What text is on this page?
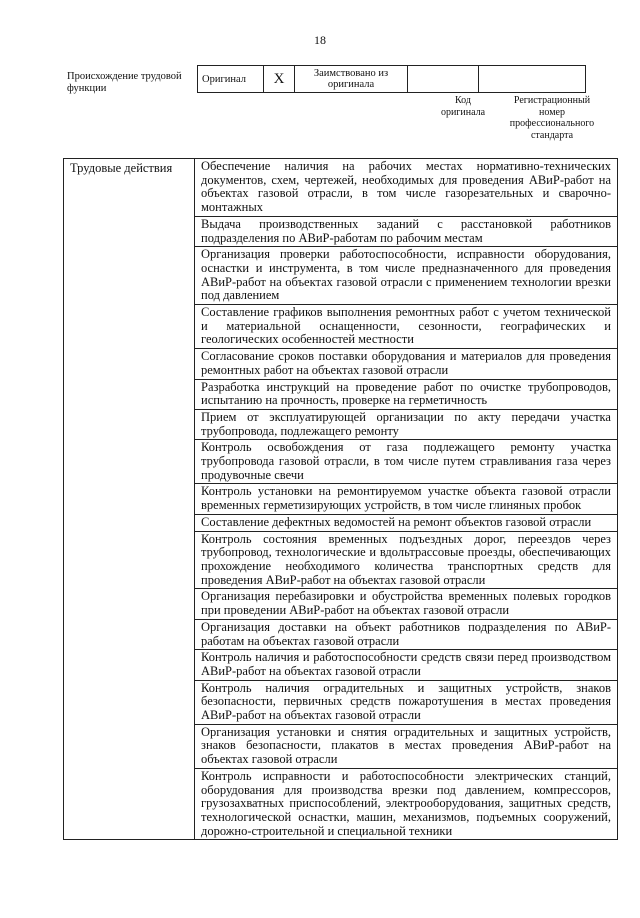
18
Происхождение трудовой функции
Оригинал	X	Заимствовано из оригинала		
Код оригинала
Регистрационный номер профессионального стандарта
Трудовые действия	Обеспечение наличия на рабочих местах нормативно-технических документов, схем, чертежей, необходимых для проведения АВиР-работ на объектах газовой отрасли, в том числе газорезательных и сварочно-монтажных
Выдача производственных заданий с расстановкой работников подразделения по АВиР-работам по рабочим местам
Организация проверки работоспособности, исправности оборудования, оснастки и инструмента, в том числе предназначенного для проведения АВиР-работ на объектах газовой отрасли с применением технологии врезки под давлением
Составление графиков выполнения ремонтных работ с учетом технической и материальной оснащенности, сезонности, географических и геологических особенностей местности
Согласование сроков поставки оборудования и материалов для проведения ремонтных работ на объектах газовой отрасли
Разработка инструкций на проведение работ по очистке трубопроводов, испытанию на прочность, проверке на герметичность
Прием от эксплуатирующей организации по акту передачи участка трубопровода, подлежащего ремонту
Контроль освобождения от газа подлежащего ремонту участка трубопровода газовой отрасли, в том числе путем стравливания газа через продувочные свечи
Контроль установки на ремонтируемом участке объекта газовой отрасли временных герметизирующих устройств, в том числе глиняных пробок
Составление дефектных ведомостей на ремонт объектов газовой отрасли
Контроль состояния временных подъездных дорог, переездов через трубопровод, технологические и вдольтрассовые проезды, обеспечивающих прохождение необходимого количества транспортных средств для проведения АВиР-работ на объектах газовой отрасли
Организация перебазировки и обустройства временных полевых городков при проведении АВиР-работ на объектах газовой отрасли
Организация доставки на объект работников подразделения по АВиР-работам на объектах газовой отрасли
Контроль наличия и работоспособности средств связи перед производством АВиР-работ на объектах газовой отрасли
Контроль наличия оградительных и защитных устройств, знаков безопасности, первичных средств пожаротушения в местах проведения АВиР-работ на объектах газовой отрасли
Организация установки и снятия оградительных и защитных устройств, знаков безопасности, плакатов в местах проведения АВиР-работ на объектах газовой отрасли
Контроль исправности и работоспособности электрических станций, оборудования для производства врезки под давлением, компрессоров, грузозахватных приспособлений, электрооборудования, защитных средств, технологической оснастки, машин, механизмов, подъемных сооружений, дорожно-строительной и специальной техники
